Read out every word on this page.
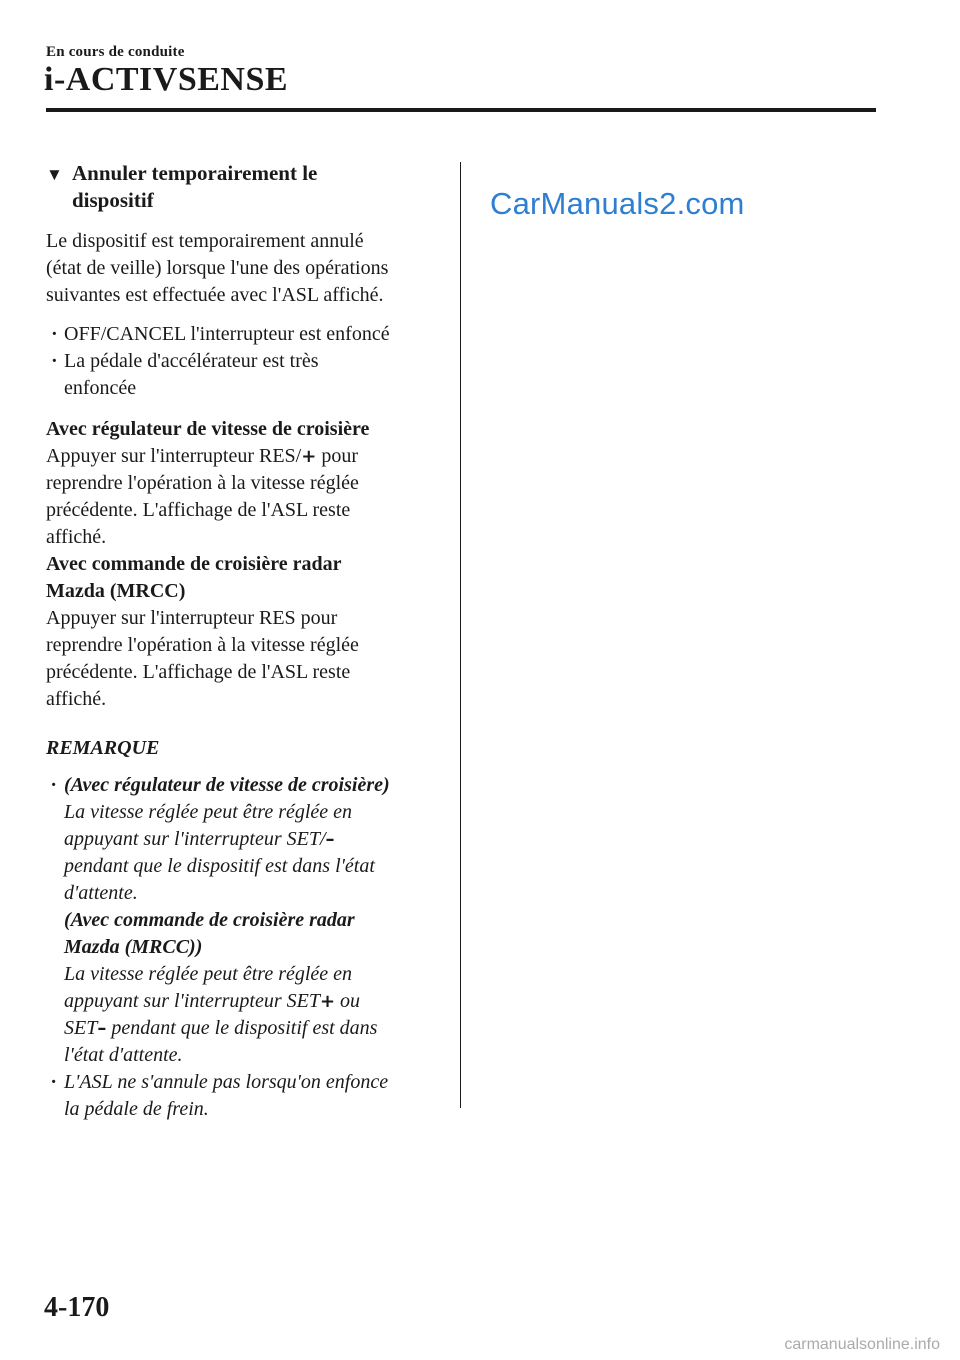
En cours de conduite
i-ACTIVSENSE
▼ Annuler temporairement le
dispositif
Le dispositif est temporairement annulé
(état de veille) lorsque l'une des opérations
suivantes est effectuée avec l'ASL affiché.
· OFF/CANCEL l'interrupteur est enfoncé
· La pédale d'accélérateur est très
enfoncée
Avec régulateur de vitesse de croisière
Appuyer sur l'interrupteur RES/+ pour
reprendre l'opération à la vitesse réglée
précédente. L'affichage de l'ASL reste
affiché.
Avec commande de croisière radar
Mazda (MRCC)
Appuyer sur l'interrupteur RES pour
reprendre l'opération à la vitesse réglée
précédente. L'affichage de l'ASL reste
affiché.
REMARQUE
· (Avec régulateur de vitesse de croisière)
La vitesse réglée peut être réglée en
appuyant sur l'interrupteur SET/–
pendant que le dispositif est dans l'état
d'attente.
(Avec commande de croisière radar
Mazda (MRCC))
La vitesse réglée peut être réglée en
appuyant sur l'interrupteur SET+ ou
SET– pendant que le dispositif est dans
l'état d'attente.
· L'ASL ne s'annule pas lorsqu'on enfonce
la pédale de frein.
CarManuals2.com
4-170
carmanualsonline.info
